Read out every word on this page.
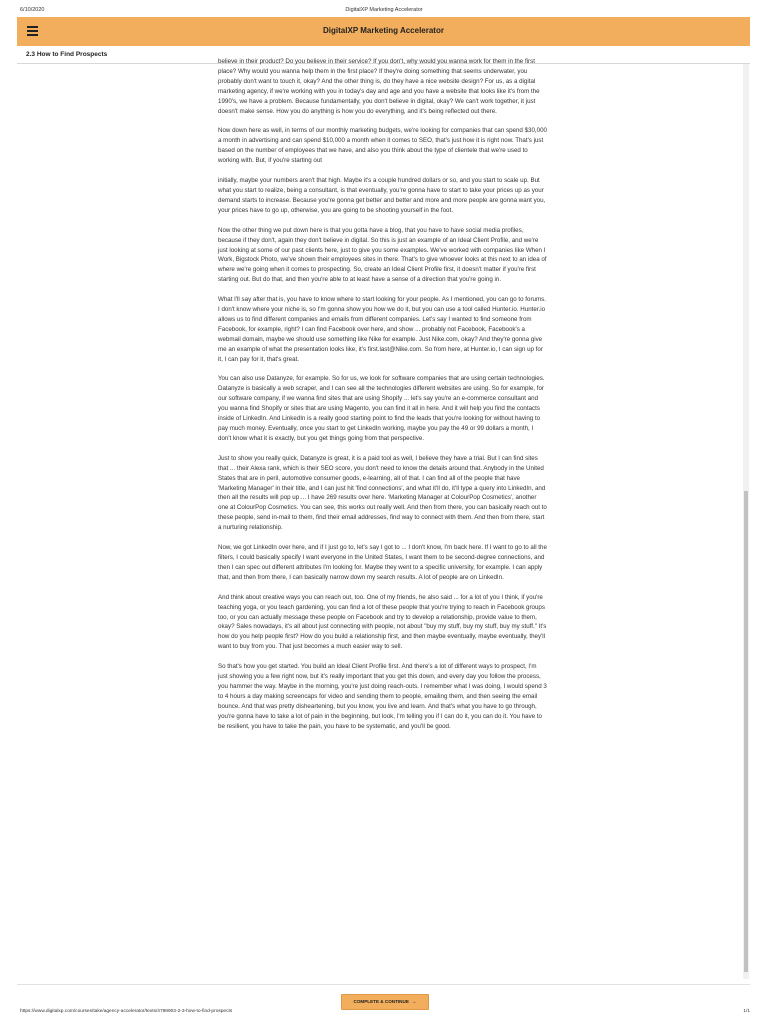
6/10/2020	DigitalXP Marketing Accelerator
DigitalXP Marketing Accelerator
2.3 How to Find Prospects

believe in their product? Do you believe in their service? If you don't, why would you wanna work for them in the first place? Why would you wanna help them in the first place? If they're doing something that seems underwater, you probably don't want to touch it, okay? And the other thing is, do they have a nice website design? For us, as a digital marketing agency, if we're working with you in today's day and age and you have a website that looks like it's from the 1990's, we have a problem. Because fundamentally, you don't believe in digital, okay? We can't work together, it just doesn't make sense. How you do anything is how you do everything, and it's being reflected out there.

Now down here as well, in terms of our monthly marketing budgets, we're looking for companies that can spend $30,000 a month in advertising and can spend $10,000 a month when it comes to SEO, that's just how it is right now. That's just based on the number of employees that we have, and also you think about the type of clientele that we're used to working with. But, if you're starting out

initially, maybe your numbers aren't that high. Maybe it's a couple hundred dollars or so, and you start to scale up. But what you start to realize, being a consultant, is that eventually, you're gonna have to start to take your prices up as your demand starts to increase. Because you're gonna get better and better and more and more people are gonna want you, your prices have to go up, otherwise, you are going to be shooting yourself in the foot.

Now the other thing we put down here is that you gotta have a blog, that you have to have social media profiles, because if they don't, again they don't believe in digital. So this is just an example of an Ideal Client Profile, and we're just looking at some of our past clients here, just to give you some examples. We've worked with companies like When I Work, Bigstock Photo, we've shown their employees sites in there. That's to give whoever looks at this next to an idea of where we're going when it comes to prospecting. So, create an Ideal Client Profile first, it doesn't matter if you're first starting out. But do that, and then you're able to at least have a sense of a direction that you're going in.

What I'll say after that is, you have to know where to start looking for your people. As I mentioned, you can go to forums. I don't know where your niche is, so I'm gonna show you how we do it, but you can use a tool called Hunter.io. Hunter.io allows us to find different companies and emails from different companies. Let's say I wanted to find someone from Facebook, for example, right? I can find Facebook over here, and show ... probably not Facebook, Facebook's a webmail domain, maybe we should use something like Nike for example. Just Nike.com, okay? And they're gonna give me an example of what the presentation looks like, it's first.last@Nike.com. So from here, at Hunter.io, I can sign up for it, I can pay for it, that's great.

You can also use Datanyze, for example. So for us, we look for software companies that are using certain technologies. Datanyze is basically a web scraper, and I can see all the technologies different websites are using. So for example, for our software company, if we wanna find sites that are using Shopify ... let's say you're an e-commerce consultant and you wanna find Shopify or sites that are using Magento, you can find it all in here. And it will help you find the contacts inside of LinkedIn. And LinkedIn is a really good starting point to find the leads that you're looking for without having to pay much money. Eventually, once you start to get LinkedIn working, maybe you pay the 49 or 99 dollars a month, I don't know what it is exactly, but you get things going from that perspective.

Just to show you really quick, Datanyze is great, it is a paid tool as well, I believe they have a trial. But I can find sites that ... their Alexa rank, which is their SEO score, you don't need to know the details around that. Anybody in the United States that are in peril, automotive consumer goods, e-learning, all of that. I can find all of the people that have 'Marketing Manager' in their title, and I can just hit 'find connections', and what it'll do, it'll type a query into LinkedIn, and then all the results will pop up ... I have 269 results over here. 'Marketing Manager at ColourPop Cosmetics', another one at ColourPop Cosmetics. You can see, this works out really well. And then from there, you can basically reach out to these people, send in-mail to them, find their email addresses, find way to connect with them. And then from there, start a nurturing relationship.

Now, we got LinkedIn over here, and if I just go to, let's say I got to ... I don't know, I'm back here. If I want to go to all the filters, I could basically specify I want everyone in the United States, I want them to be second-degree connections, and then I can spec out different attributes I'm looking for. Maybe they went to a specific university, for example. I can apply that, and then from there, I can basically narrow down my search results. A lot of people are on LinkedIn.

And think about creative ways you can reach out, too. One of my friends, he also said ... for a lot of you I think, if you're teaching yoga, or you teach gardening, you can find a lot of these people that you're trying to reach in Facebook groups too, or you can actually message these people on Facebook and try to develop a relationship, provide value to them, okay? Sales nowadays, it's all about just connecting with people, not about "buy my stuff, buy my stuff, buy my stuff." It's how do you help people first? How do you build a relationship first, and then maybe eventually, maybe eventually, they'll want to buy from you. That just becomes a much easier way to sell.

So that's how you get started. You build an Ideal Client Profile first. And there's a lot of different ways to prospect, I'm just showing you a few right now, but it's really important that you get this down, and every day you follow the process, you hammer the way. Maybe in the morning, you're just doing reach-outs. I remember what I was doing, I would spend 3 to 4 hours a day making screencaps for video and sending them to people, emailing them, and then seeing the email bounce. And that was pretty disheartening, but you know, you live and learn. And that's what you have to go through, you're gonna have to take a lot of pain in the beginning, but look, I'm telling you if I can do it, you can do it. You have to be resilient, you have to take the pain, you have to be systematic, and you'll be good.

COMPLETE & CONTINUE →
https://www.digitalxp.com/courses/take/agency-accelerator/texts/4788903-2-3-how-to-find-prospects	1/1
